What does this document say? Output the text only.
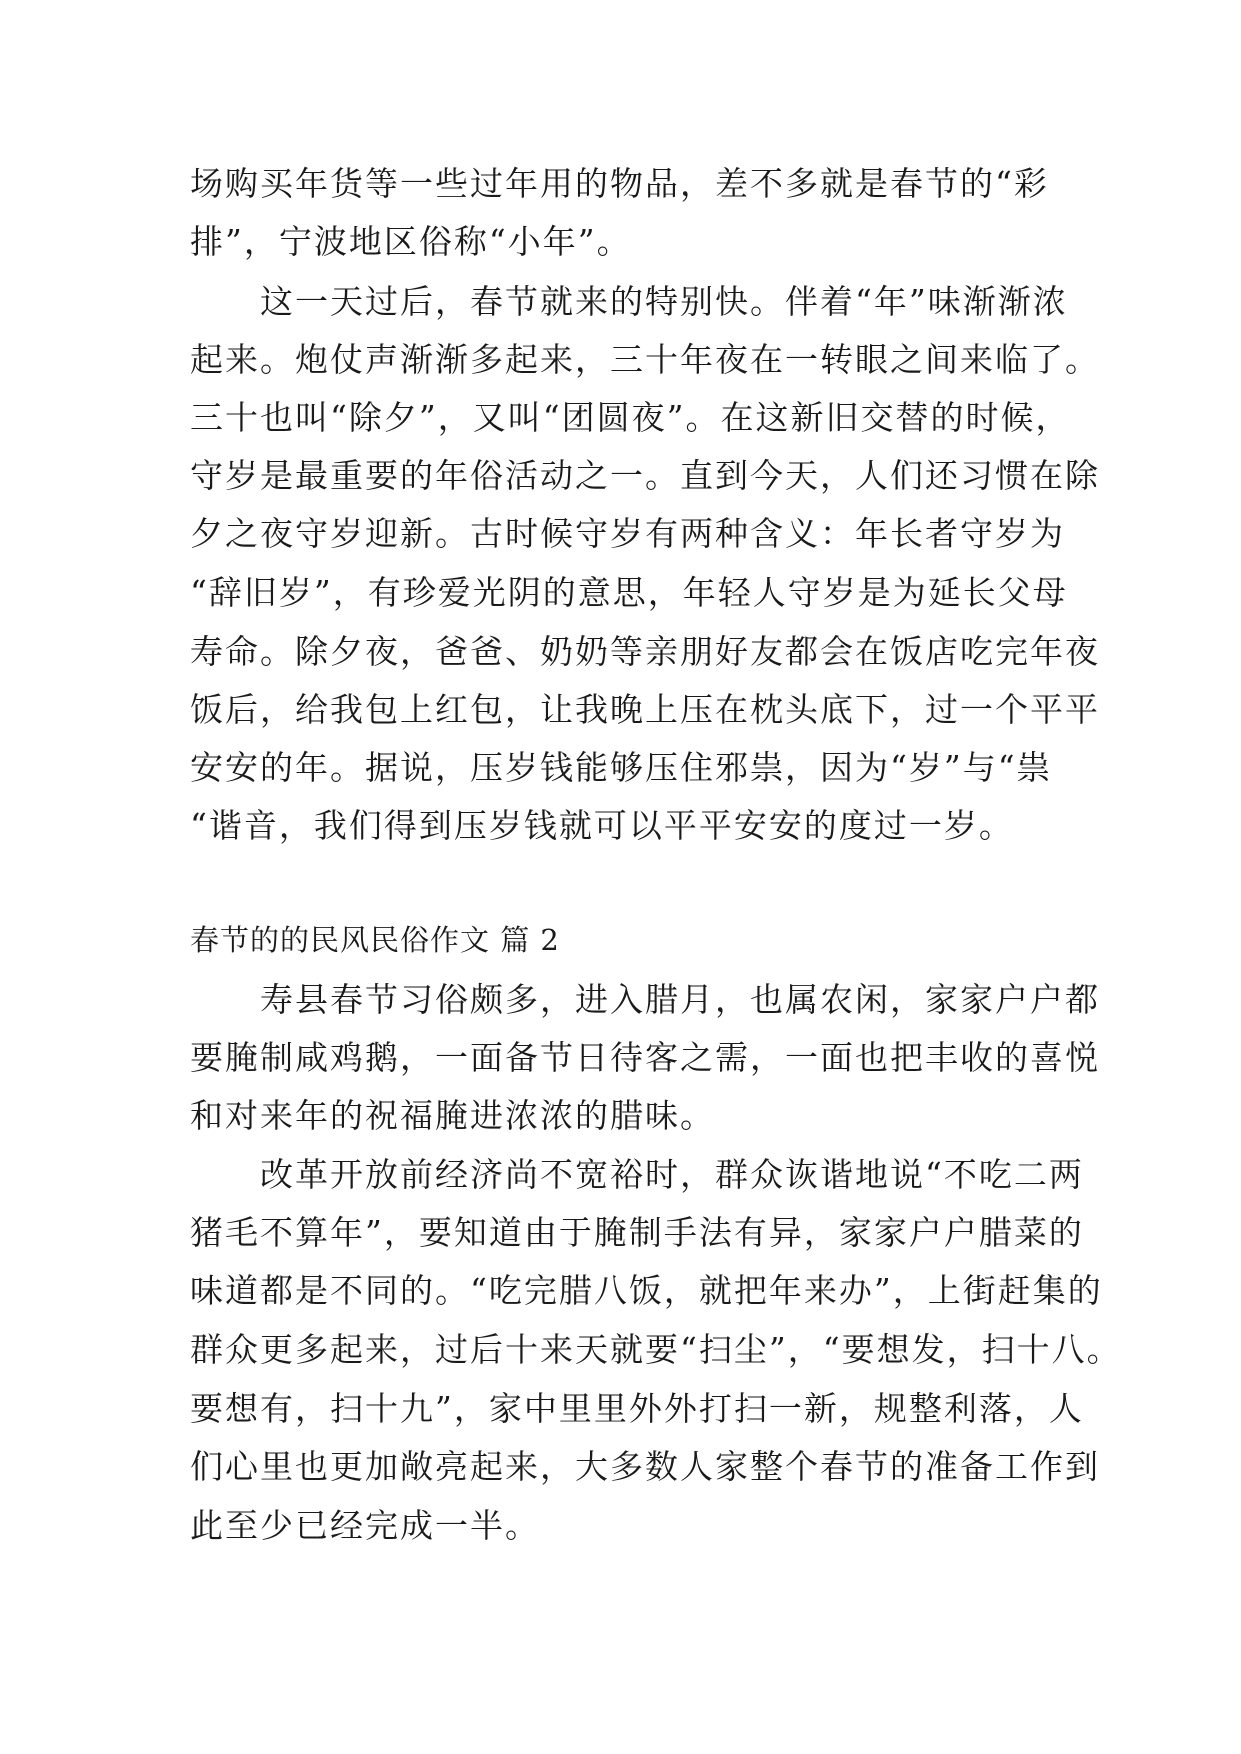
场购买年货等一些过年用的物品，差不多就是春节的“彩
排”，宁波地区俗称“小年”。
　　这一天过后，春节就来的特别快。伴着“年”味渐渐浓
起来。炮仗声渐渐多起来，三十年夜在一转眼之间来临了。
三十也叫“除夕”，又叫“团圆夜”。在这新旧交替的时候，
守岁是最重要的年俗活动之一。直到今天，人们还习惯在除
夕之夜守岁迎新。古时候守岁有两种含义：年长者守岁为
“辞旧岁”，有珍爱光阴的意思，年轻人守岁是为延长父母
寿命。除夕夜，爸爸、奶奶等亲朋好友都会在饭店吃完年夜
饭后，给我包上红包，让我晚上压在枕头底下，过一个平平
安安的年。据说，压岁钱能够压住邪祟，因为“岁”与“祟
“谐音，我们得到压岁钱就可以平平安安的度过一岁。
春节的的民风民俗作文 篇 2
　　寿县春节习俗颇多，进入腊月，也属农闲，家家户户都
要腌制咸鸡鹅，一面备节日待客之需，一面也把丰收的喜悦
和对来年的祝福腌进浓浓的腊味。
　　改革开放前经济尚不宽裕时，群众诙谐地说“不吃二两
猪毛不算年”，要知道由于腌制手法有异，家家户户腊菜的
味道都是不同的。“吃完腊八饭，就把年来办”，上街赶集的
群众更多起来，过后十来天就要“扫尘”，“要想发，扫十八。
要想有，扫十九”，家中里里外外打扫一新，规整利落，人
们心里也更加敞亮起来，大多数人家整个春节的准备工作到
此至少已经完成一半。
